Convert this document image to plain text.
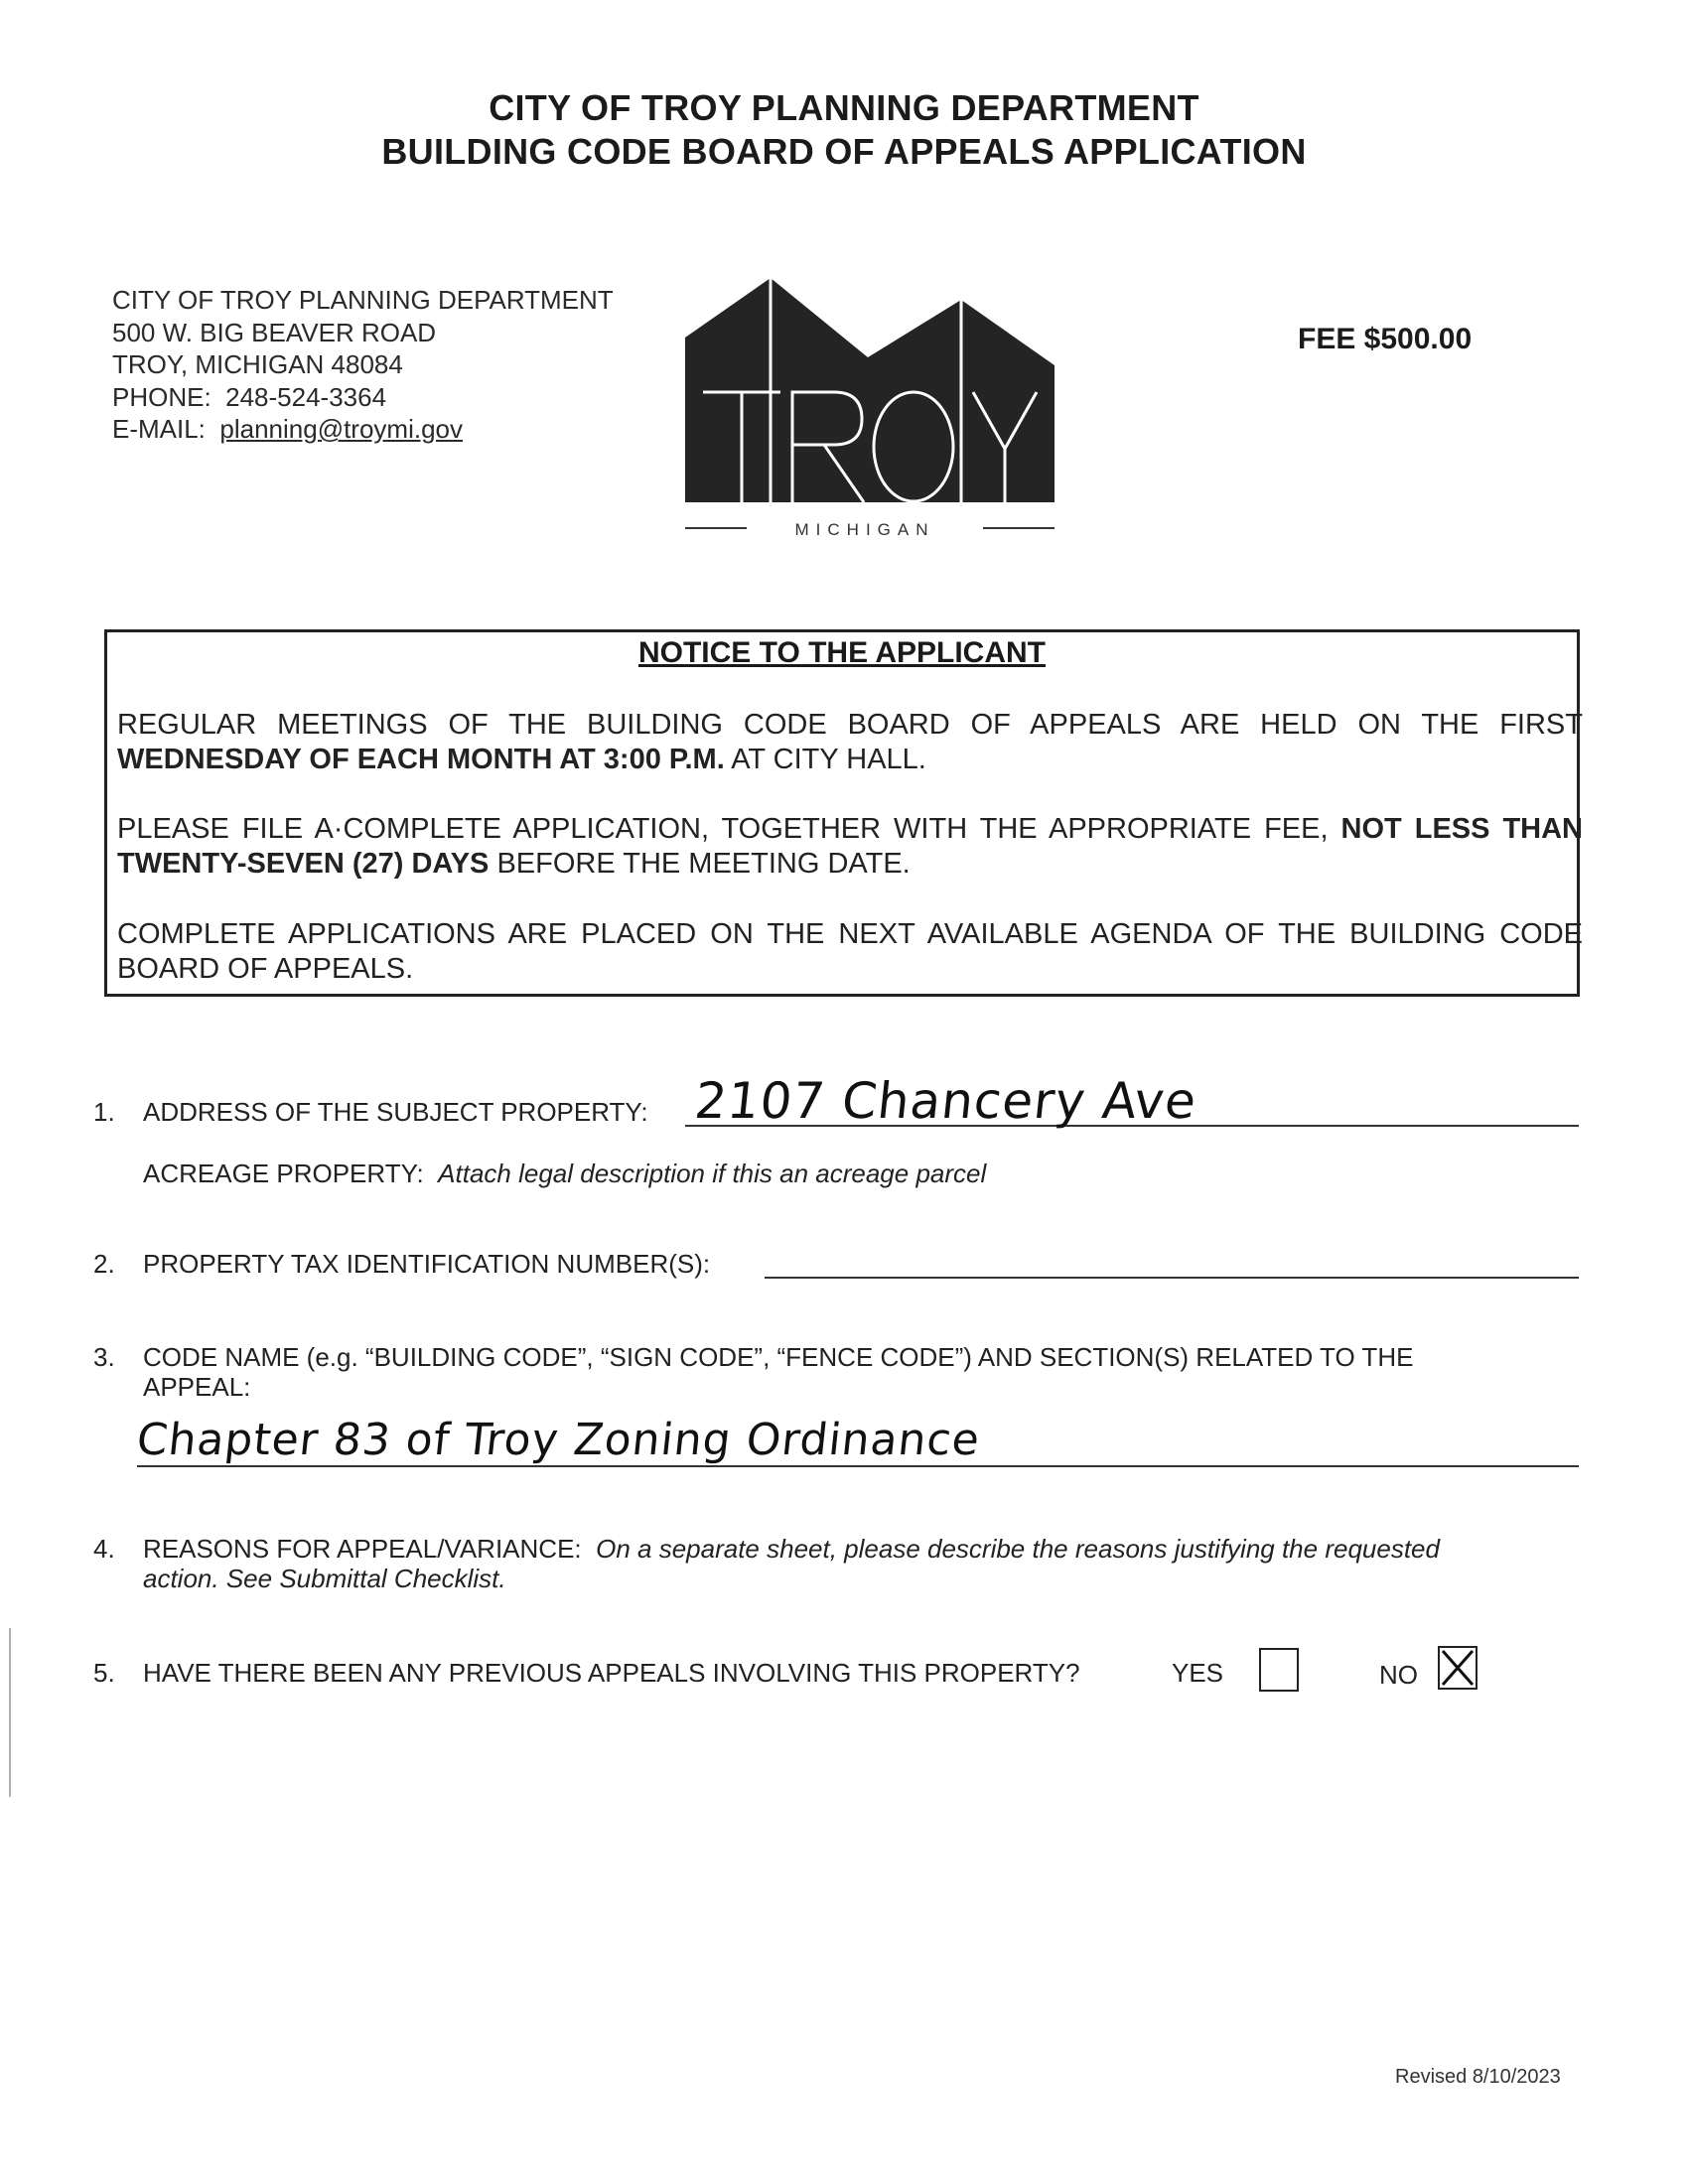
CITY OF TROY PLANNING DEPARTMENT
BUILDING CODE BOARD OF APPEALS APPLICATION
CITY OF TROY PLANNING DEPARTMENT
500 W. BIG BEAVER ROAD
TROY, MICHIGAN 48084
PHONE: 248-524-3364
E-MAIL: planning@troymi.gov
MICHIGAN
FEE $500.00
NOTICE TO THE APPLICANT

REGULAR MEETINGS OF THE BUILDING CODE BOARD OF APPEALS ARE HELD ON THE FIRST WEDNESDAY OF EACH MONTH AT 3:00 P.M. AT CITY HALL.

PLEASE FILE A·COMPLETE APPLICATION, TOGETHER WITH THE APPROPRIATE FEE, NOT LESS THAN TWENTY-SEVEN (27) DAYS BEFORE THE MEETING DATE.

COMPLETE APPLICATIONS ARE PLACED ON THE NEXT AVAILABLE AGENDA OF THE BUILDING CODE BOARD OF APPEALS.

1. ADDRESS OF THE SUBJECT PROPERTY: 2107 Chancery Ave
ACREAGE PROPERTY: Attach legal description if this an acreage parcel
2. PROPERTY TAX IDENTIFICATION NUMBER(S):
3. CODE NAME (e.g. “BUILDING CODE”, “SIGN CODE”, “FENCE CODE”) AND SECTION(S) RELATED TO THE
APPEAL:
Chapter 83 of Troy Zoning Ordinance
4. REASONS FOR APPEAL/VARIANCE: On a separate sheet, please describe the reasons justifying the requested
action. See Submittal Checklist.
5. HAVE THERE BEEN ANY PREVIOUS APPEALS INVOLVING THIS PROPERTY?	YES	NO
Revised 8/10/2023
